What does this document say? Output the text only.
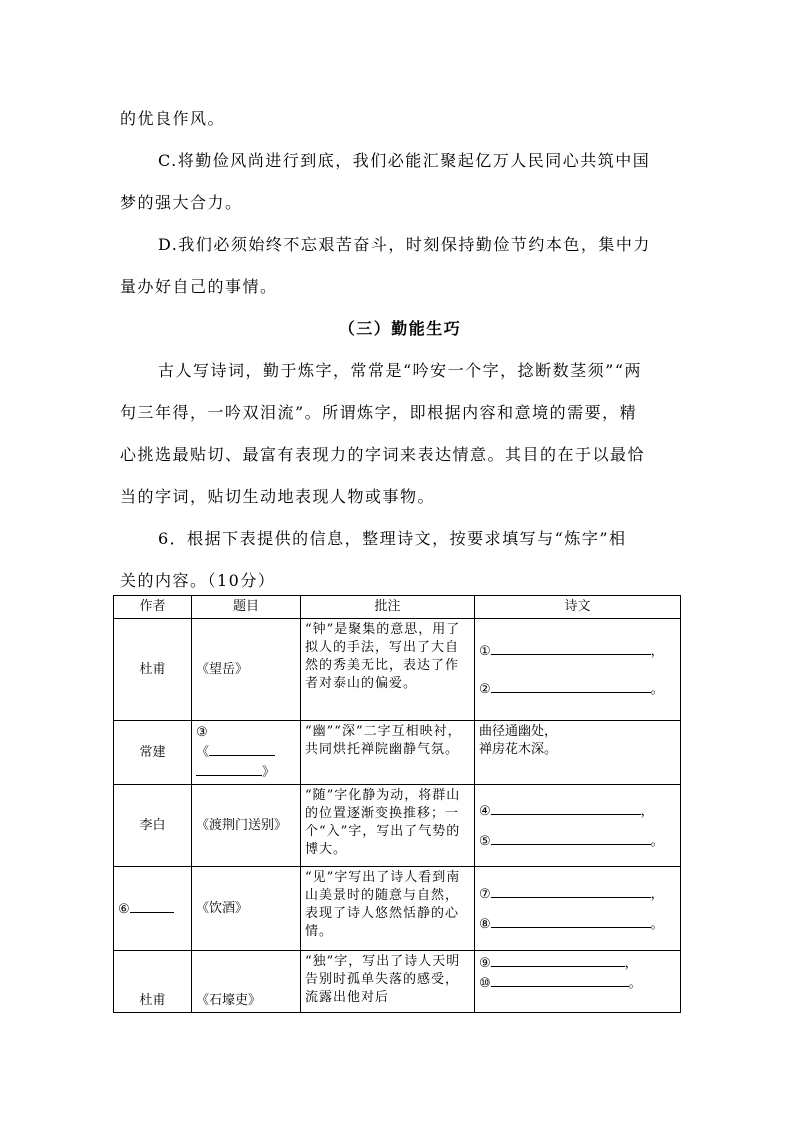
的优良作风。
C.将勤俭风尚进行到底，我们必能汇聚起亿万人民同心共筑中国
梦的强大合力。
D.我们必须始终不忘艰苦奋斗，时刻保持勤俭节约本色，集中力
量办好自己的事情。
（三）勤能生巧
古人写诗词，勤于炼字，常常是“吟安一个字，捻断数茎须”“两
句三年得，一吟双泪流”。所谓炼字，即根据内容和意境的需要，精
心挑选最贴切、最富有表现力的字词来表达情意。其目的在于以最恰
当的字词，贴切生动地表现人物或事物。
6．根据下表提供的信息，整理诗文，按要求填写与“炼字”相
关的内容。（10分）
作者	题目	批注	诗文
杜甫	《望岳》	“钟”是聚集的意思，用了拟人的手法，写出了大自然的秀美无比，表达了作者对泰山的偏爱。	① ，
② 。

常建	③
《
》	“幽”“深”二字互相映衬，共同烘托禅院幽静气氛。	曲径通幽处，
禅房花木深。

李白	《渡荆门送别》	“随”字化静为动，将群山的位置逐渐变换推移；一个“入”字，写出了气势的博大。	④ ，
⑤ 。

⑥	《饮酒》	“见”字写出了诗人看到南山美景时的随意与自然，表现了诗人悠然恬静的心情。	⑦ ，
⑧ 。

杜甫	《石壕吏》	“独”字，写出了诗人天明告别时孤单失落的感受，流露出他对后	⑨ ，
⑩ 。
